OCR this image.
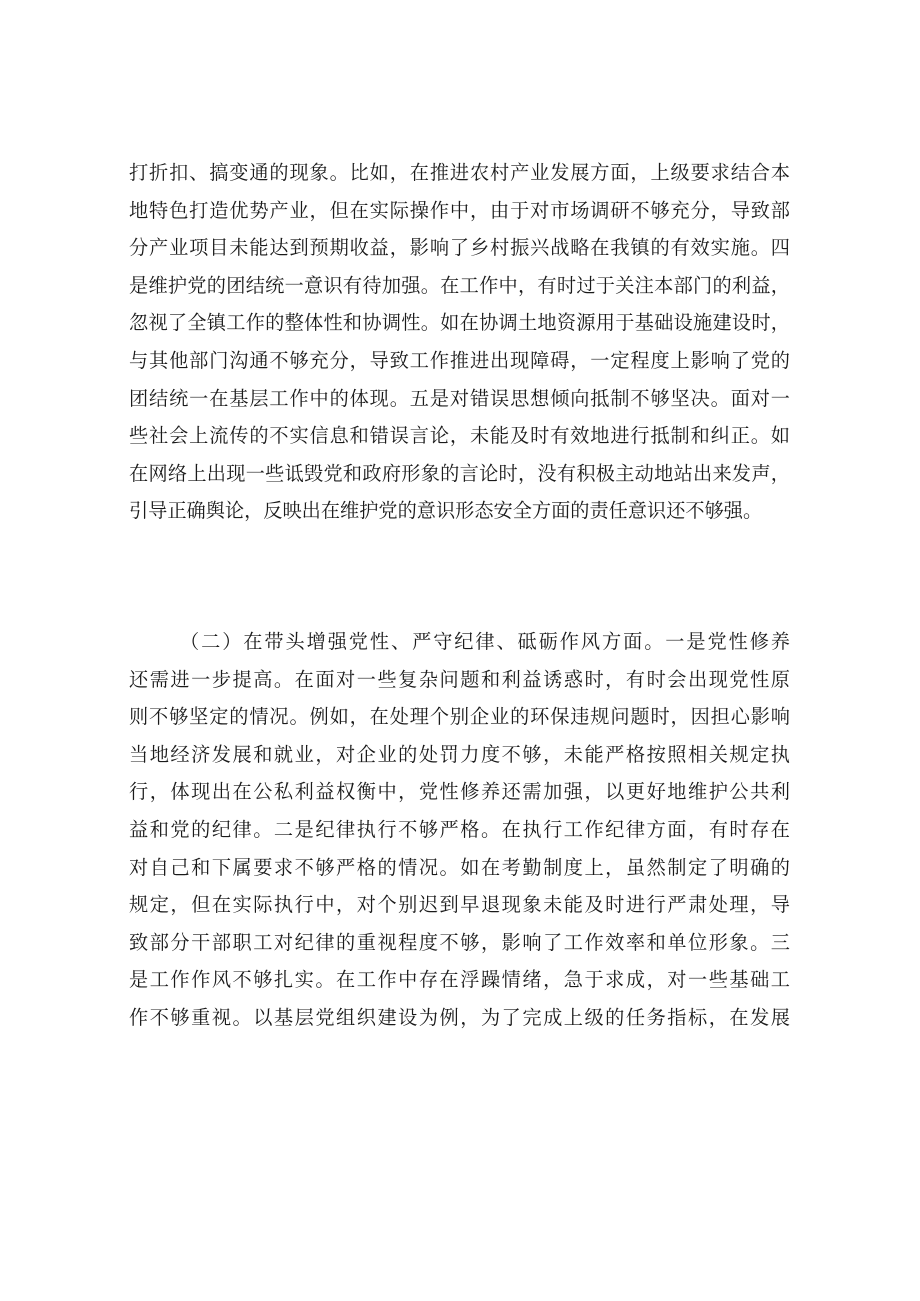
打折扣、搞变通的现象。比如，在推进农村产业发展方面，上级要求结合本
地特色打造优势产业，但在实际操作中，由于对市场调研不够充分，导致部
分产业项目未能达到预期收益，影响了乡村振兴战略在我镇的有效实施。四
是维护党的团结统一意识有待加强。在工作中，有时过于关注本部门的利益，
忽视了全镇工作的整体性和协调性。如在协调土地资源用于基础设施建设时，
与其他部门沟通不够充分，导致工作推进出现障碍，一定程度上影响了党的
团结统一在基层工作中的体现。五是对错误思想倾向抵制不够坚决。面对一
些社会上流传的不实信息和错误言论，未能及时有效地进行抵制和纠正。如
在网络上出现一些诋毁党和政府形象的言论时，没有积极主动地站出来发声，
引导正确舆论，反映出在维护党的意识形态安全方面的责任意识还不够强。
（二）在带头增强党性、严守纪律、砥砺作风方面。一是党性修养
还需进一步提高。在面对一些复杂问题和利益诱惑时，有时会出现党性原
则不够坚定的情况。例如，在处理个别企业的环保违规问题时，因担心影响
当地经济发展和就业，对企业的处罚力度不够，未能严格按照相关规定执
行，体现出在公私利益权衡中，党性修养还需加强，以更好地维护公共利
益和党的纪律。二是纪律执行不够严格。在执行工作纪律方面，有时存在
对自己和下属要求不够严格的情况。如在考勤制度上，虽然制定了明确的
规定，但在实际执行中，对个别迟到早退现象未能及时进行严肃处理，导
致部分干部职工对纪律的重视程度不够，影响了工作效率和单位形象。三
是工作作风不够扎实。在工作中存在浮躁情绪，急于求成，对一些基础工
作不够重视。以基层党组织建设为例，为了完成上级的任务指标，在发展
